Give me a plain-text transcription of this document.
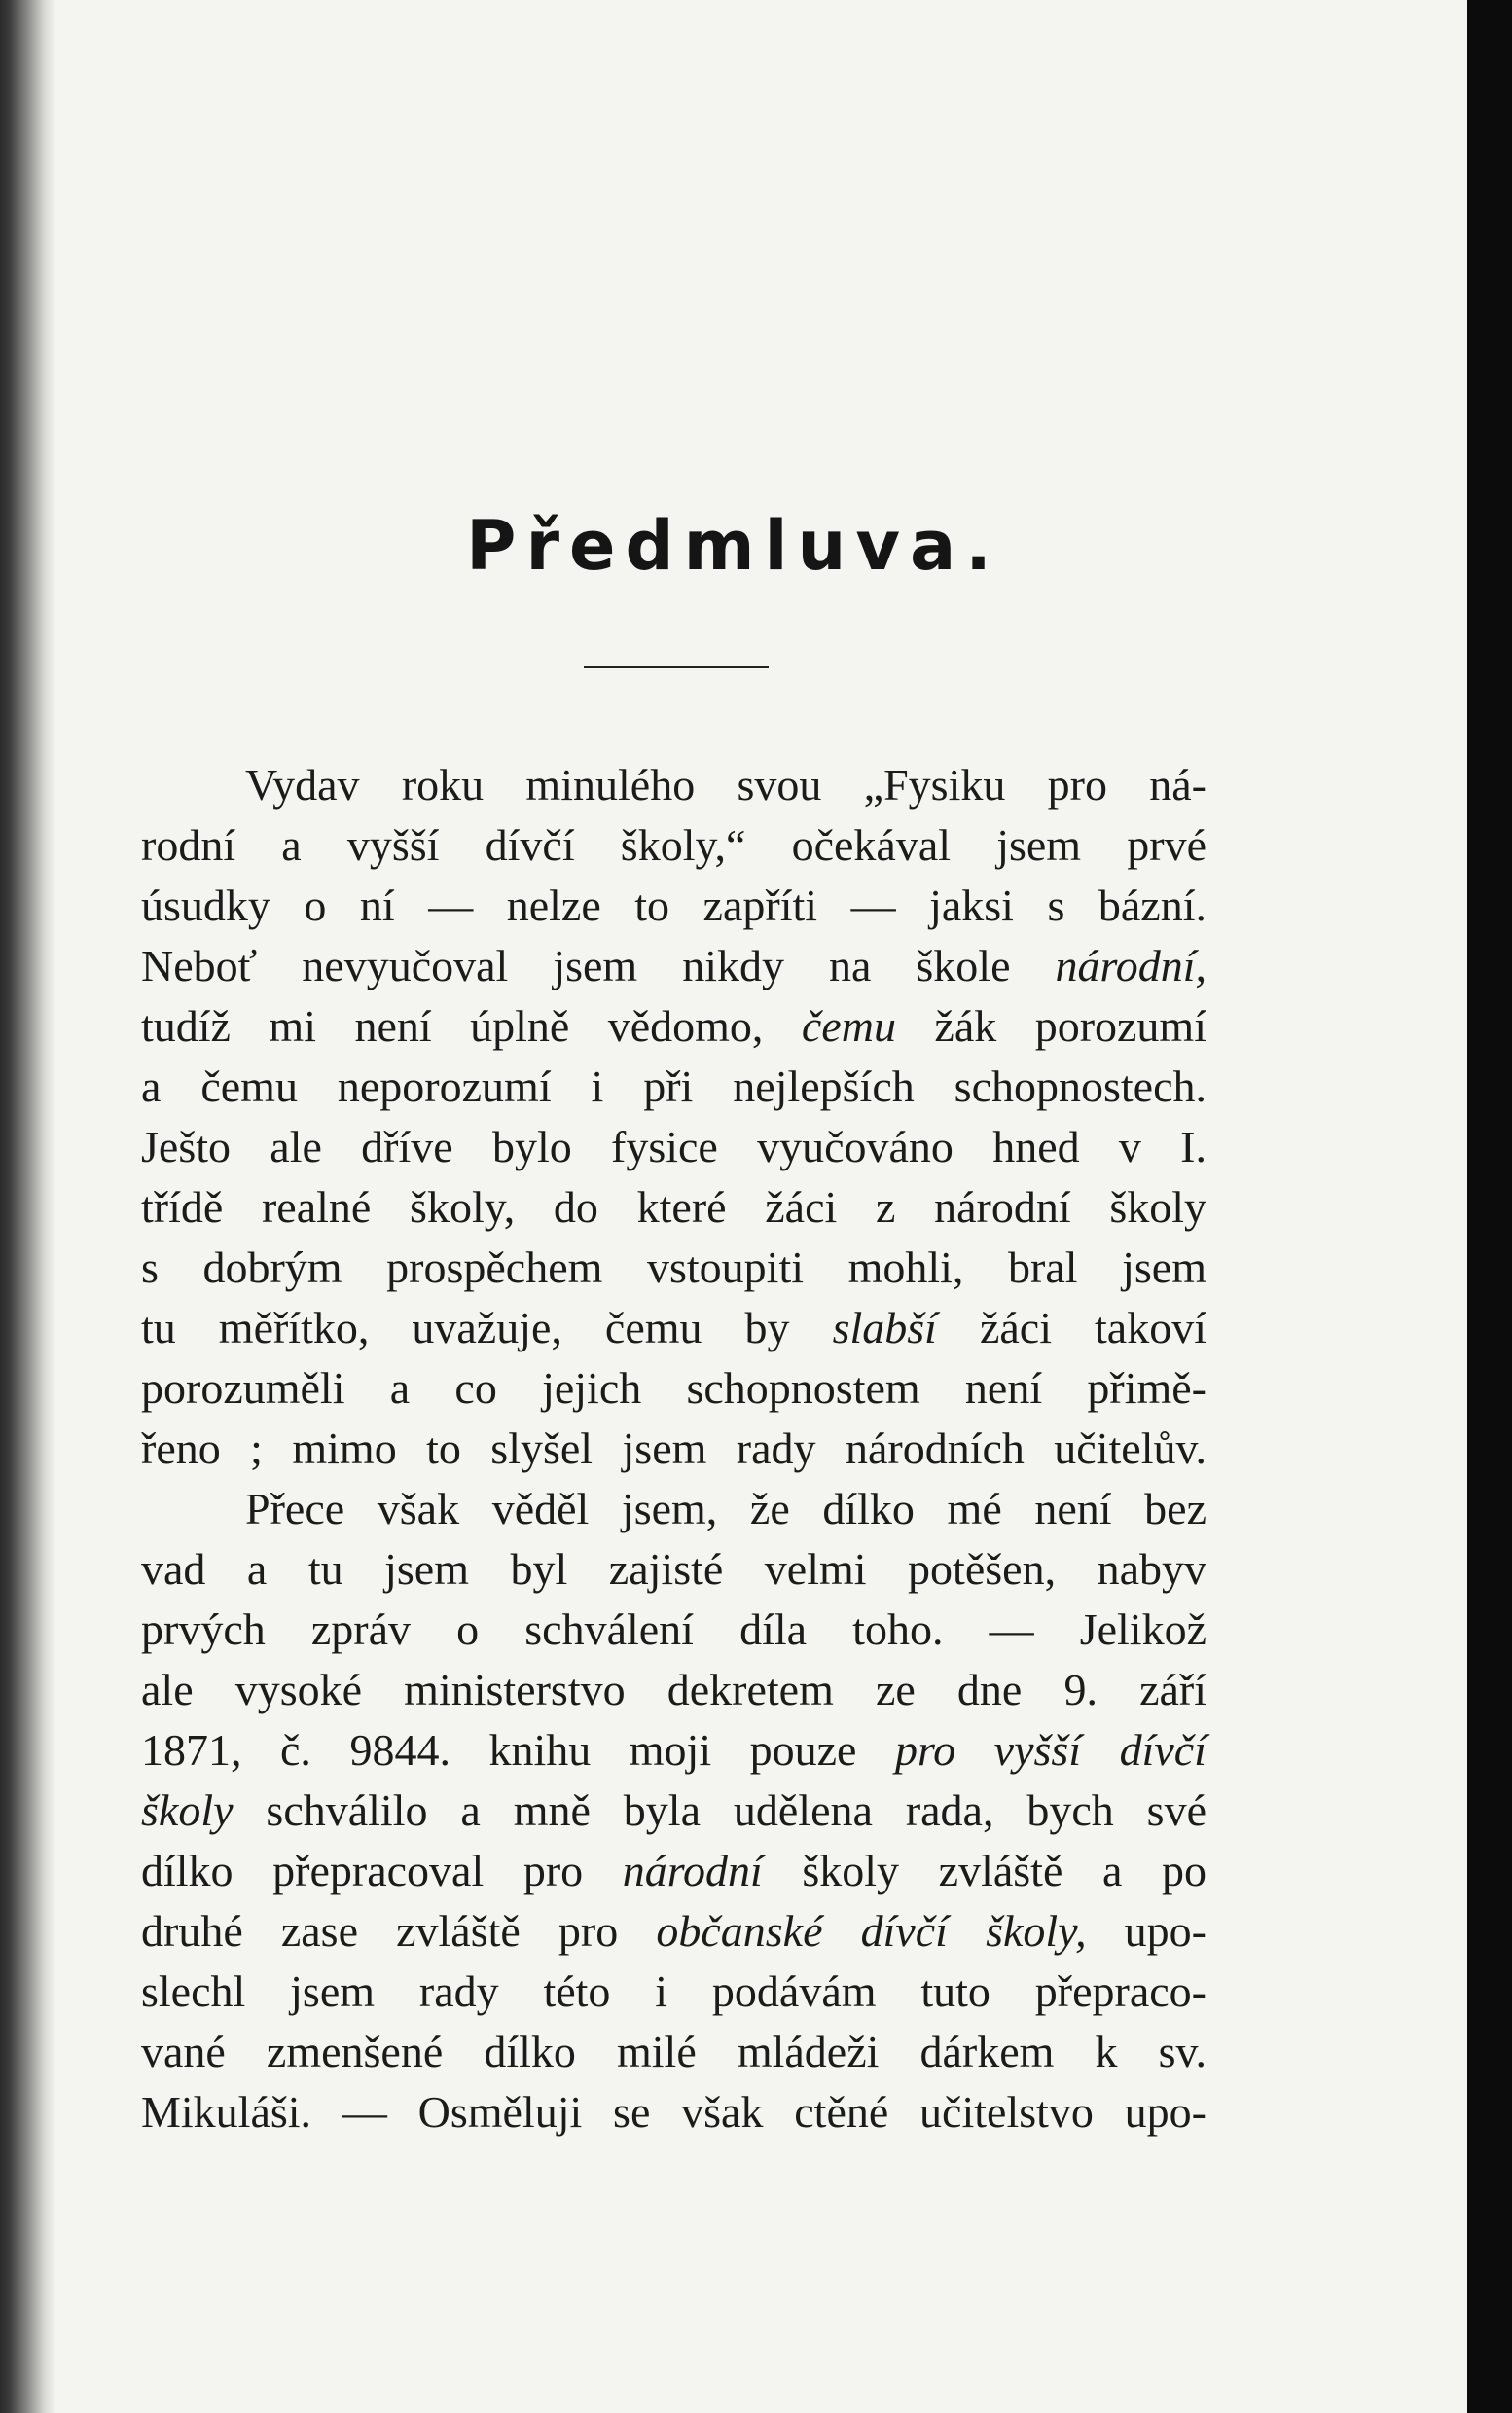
Předmluva.
Vydav roku minulého svou „Fysiku pro ná-
rodní a vyšší dívčí školy,“ očekával jsem prvé
úsudky o ní — nelze to zapříti — jaksi s bázní.
Neboť nevyučoval jsem nikdy na škole národní,
tudíž mi není úplně vědomo, čemu žák porozumí
a čemu neporozumí i při nejlepších schopnostech.
Ješto ale dříve bylo fysice vyučováno hned v I.
třídě realné školy, do které žáci z národní školy
s dobrým prospěchem vstoupiti mohli, bral jsem
tu měřítko, uvažuje, čemu by slabší žáci takoví
porozuměli a co jejich schopnostem není přimě-
řeno ; mimo to slyšel jsem rady národních učitelův.
Přece však věděl jsem, že dílko mé není bez
vad a tu jsem byl zajisté velmi potěšen, nabyv
prvých zpráv o schválení díla toho. — Jelikož
ale vysoké ministerstvo dekretem ze dne 9. září
1871, č. 9844. knihu moji pouze pro vyšší dívčí
školy schválilo a mně byla udělena rada, bych své
dílko přepracoval pro národní školy zvláště a po
druhé zase zvláště pro občanské dívčí školy, upo-
slechl jsem rady této i podávám tuto přepraco-
vané zmenšené dílko milé mládeži dárkem k sv.
Mikuláši. — Osměluji se však ctěné učitelstvo upo-
